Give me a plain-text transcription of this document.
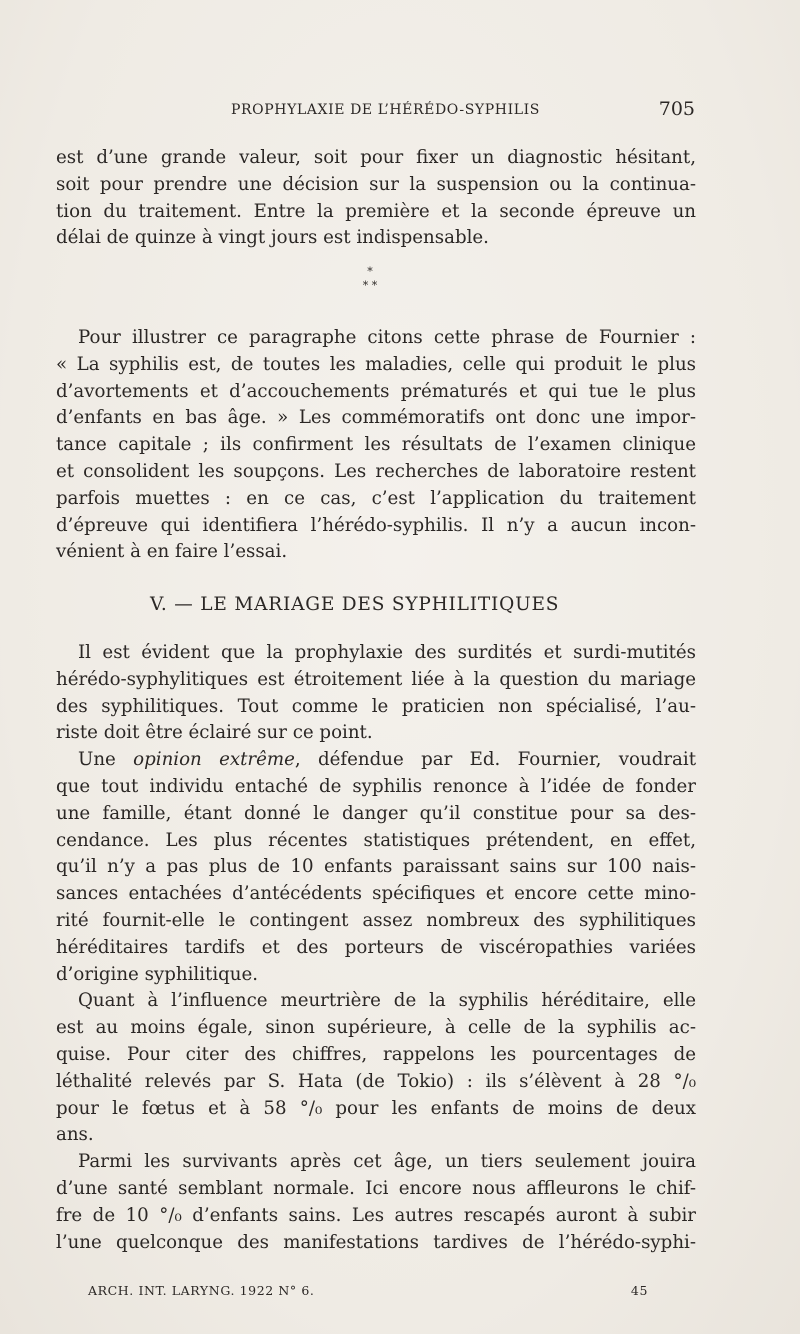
PROPHYLAXIE DE L’HÉRÉDO-SYPHILIS	705
est d’une grande valeur, soit pour fixer un diagnostic hésitant,
soit pour prendre une décision sur la suspension ou la continua-
tion du traitement. Entre la première et la seconde épreuve un
délai de quinze à vingt jours est indispensable.
*
* *
Pour illustrer ce paragraphe citons cette phrase de Fournier :
« La syphilis est, de toutes les maladies, celle qui produit le plus
d’avortements et d’accouchements prématurés et qui tue le plus
d’enfants en bas âge. » Les commémoratifs ont donc une impor-
tance capitale ; ils confirment les résultats de l’examen clinique
et consolident les soupçons. Les recherches de laboratoire restent
parfois muettes : en ce cas, c’est l’application du traitement
d’épreuve qui identifiera l’hérédo-syphilis. Il n’y a aucun incon-
vénient à en faire l’essai.
V. — LE MARIAGE DES SYPHILITIQUES
Il est évident que la prophylaxie des surdités et surdi-mutités
hérédo-syphylitiques est étroitement liée à la question du mariage
des syphilitiques. Tout comme le praticien non spécialisé, l’au-
riste doit être éclairé sur ce point.
Une opinion extrême, défendue par Ed. Fournier, voudrait
que tout individu entaché de syphilis renonce à l’idée de fonder
une famille, étant donné le danger qu’il constitue pour sa des-
cendance. Les plus récentes statistiques prétendent, en effet,
qu’il n’y a pas plus de 10 enfants paraissant sains sur 100 nais-
sances entachées d’antécédents spécifiques et encore cette mino-
rité fournit-elle le contingent assez nombreux des syphilitiques
héréditaires tardifs et des porteurs de viscéropathies variées
d’origine syphilitique.
Quant à l’influence meurtrière de la syphilis héréditaire, elle
est au moins égale, sinon supérieure, à celle de la syphilis ac-
quise. Pour citer des chiffres, rappelons les pourcentages de
léthalité relevés par S. Hata (de Tokio) : ils s’élèvent à 28 °/₀
pour le fœtus et à 58 °/₀ pour les enfants de moins de deux
ans.
Parmi les survivants après cet âge, un tiers seulement jouira
d’une santé semblant normale. Ici encore nous affleurons le chif-
fre de 10 °/₀ d’enfants sains. Les autres rescapés auront à subir
l’une quelconque des manifestations tardives de l’hérédo-syphi-
ARCH. INT. LARYNG. 1922 N° 6.	45
